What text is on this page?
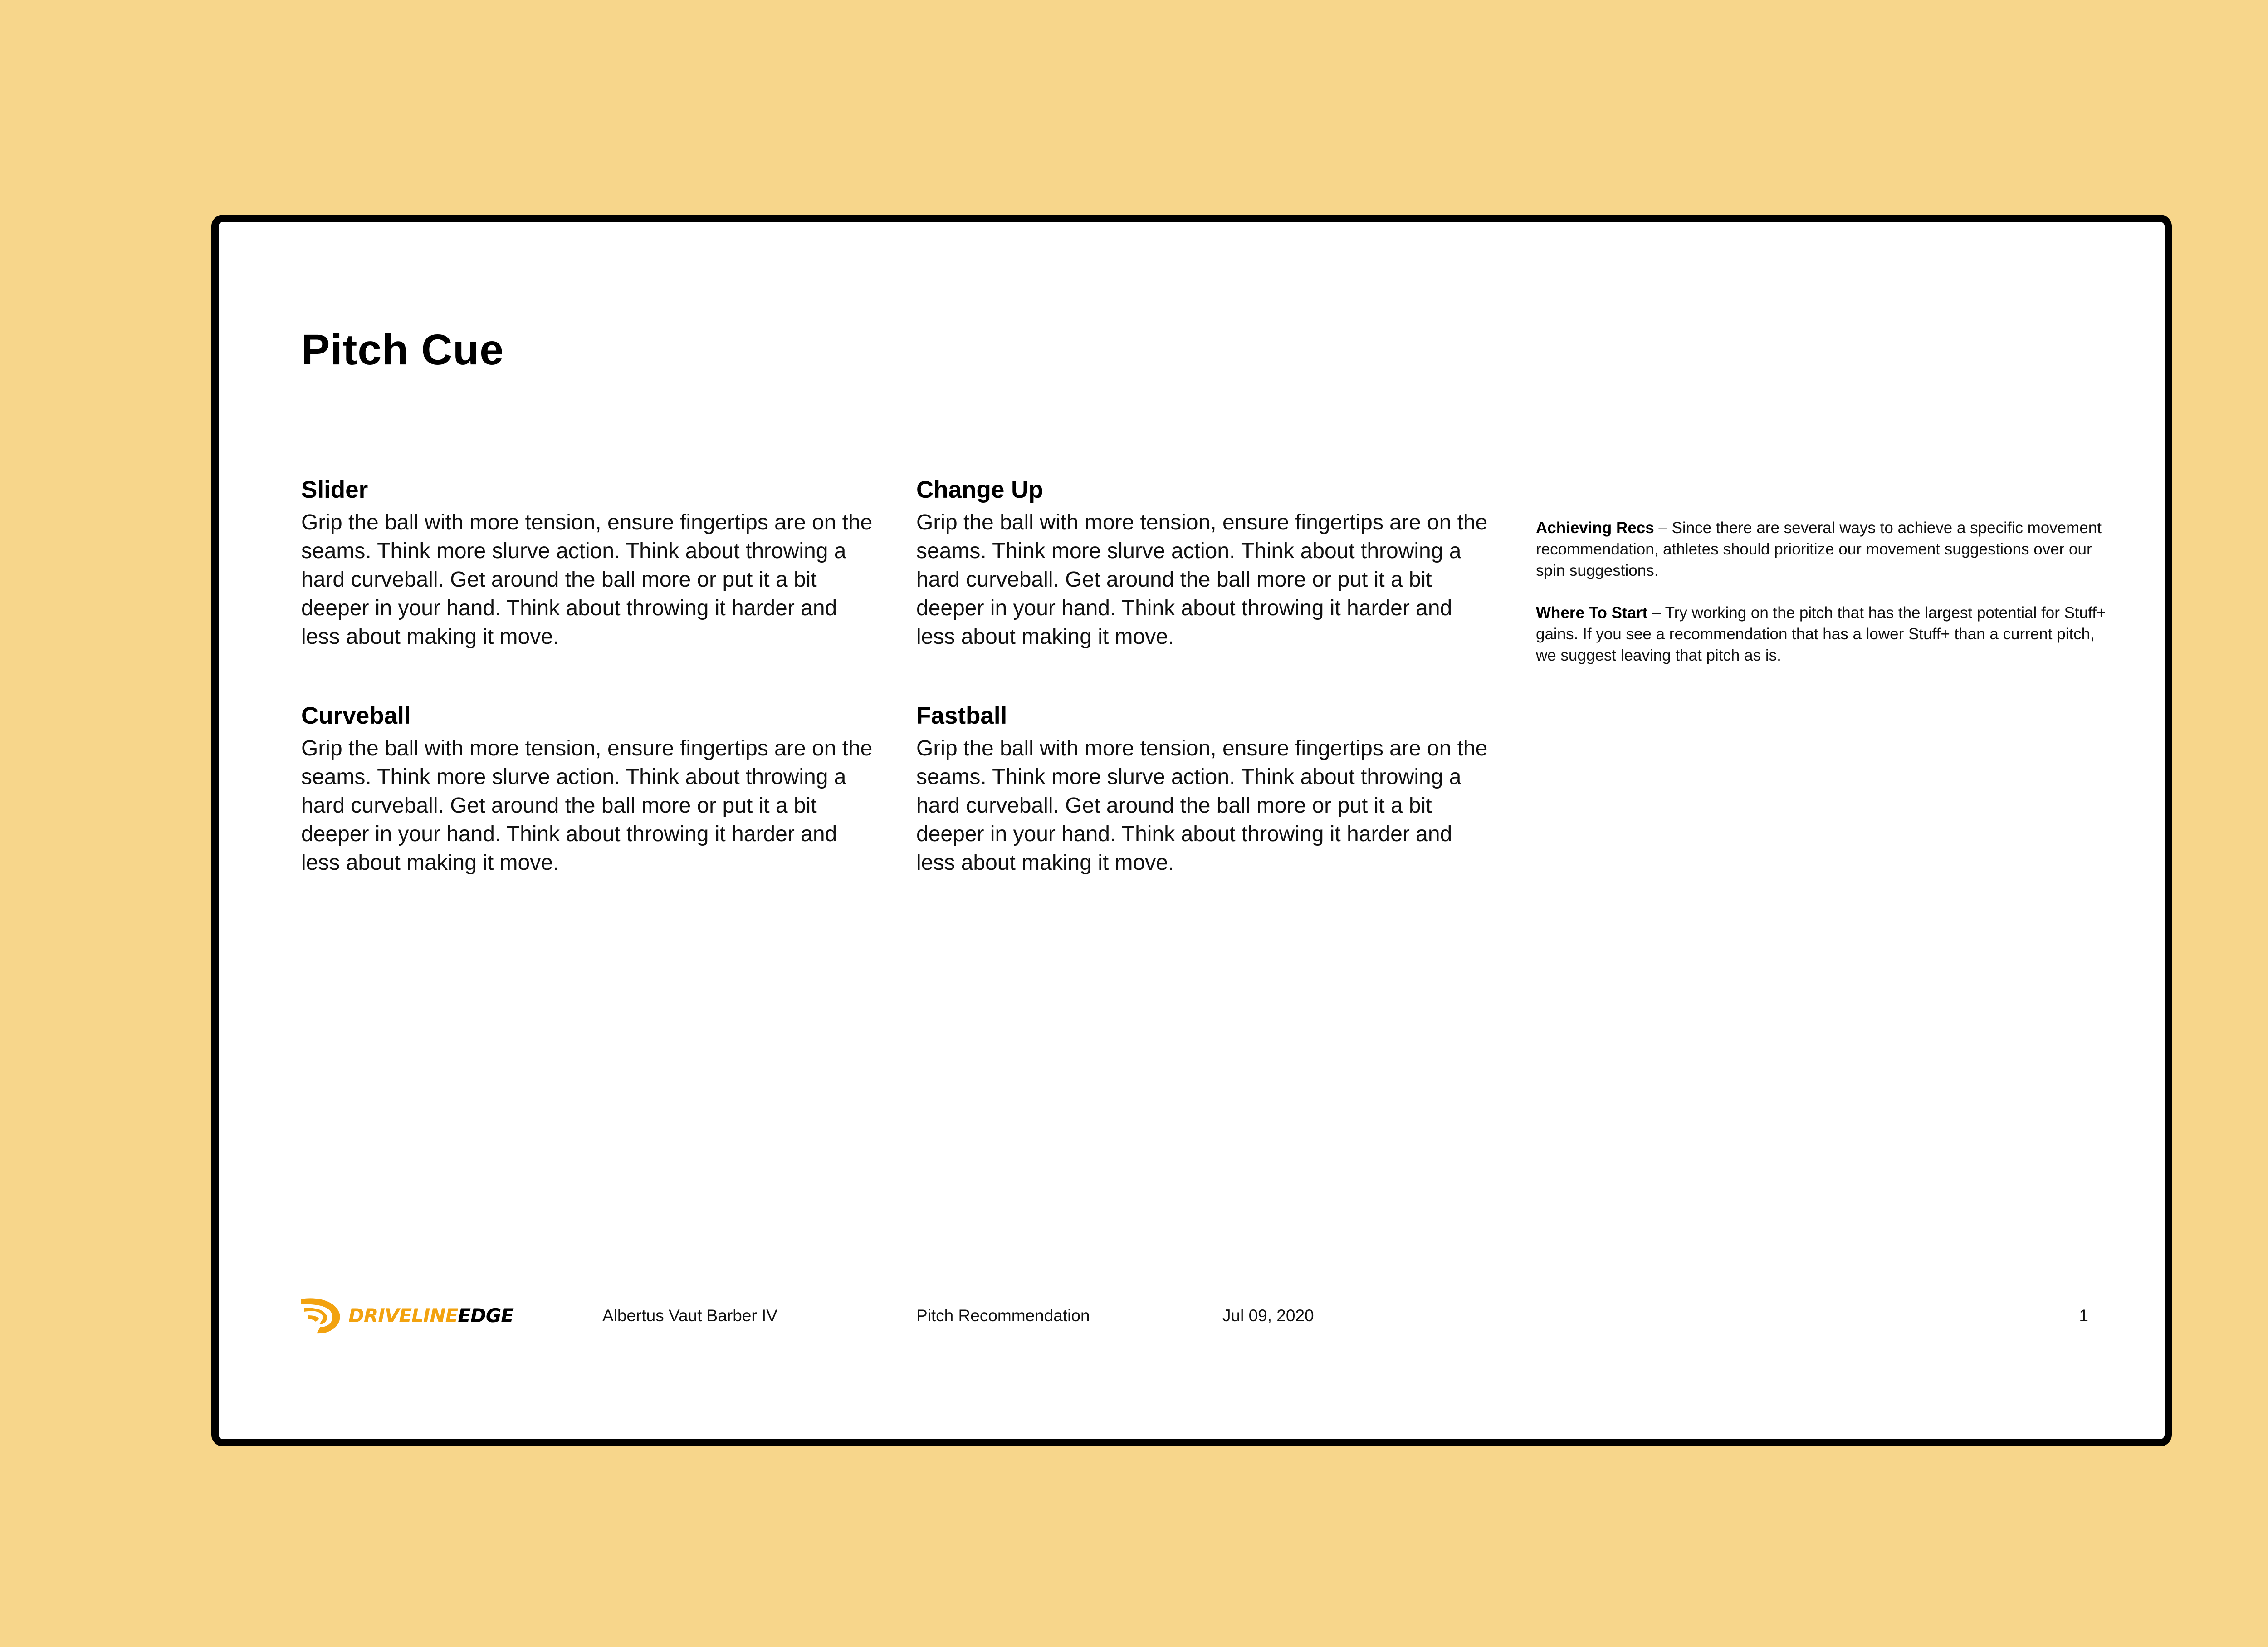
Pitch Cue
Slider

Grip the ball with more tension, ensure fingertips are on the seams. Think more slurve action. Think about throwing a hard curveball. Get around the ball more or put it a bit deeper in your hand. Think about throwing it harder and less about making it move.

Change Up

Grip the ball with more tension, ensure fingertips are on the seams. Think more slurve action. Think about throwing a hard curveball. Get around the ball more or put it a bit deeper in your hand. Think about throwing it harder and less about making it move.

Curveball

Grip the ball with more tension, ensure fingertips are on the seams. Think more slurve action. Think about throwing a hard curveball. Get around the ball more or put it a bit deeper in your hand. Think about throwing it harder and less about making it move.

Fastball

Grip the ball with more tension, ensure fingertips are on the seams. Think more slurve action. Think about throwing a hard curveball. Get around the ball more or put it a bit deeper in your hand. Think about throwing it harder and less about making it move.

Achieving Recs – Since there are several ways to achieve a specific movement recommendation, athletes should prioritize our movement suggestions over our spin suggestions.

Where To Start – Try working on the pitch that has the largest potential for Stuff+ gains. If you see a recommendation that has a lower Stuff+ than a current pitch, we suggest leaving that pitch as is.

DRIVELINEEDGE	Albertus Vaut Barber IV	Pitch Recommendation	Jul 09, 2020	1
